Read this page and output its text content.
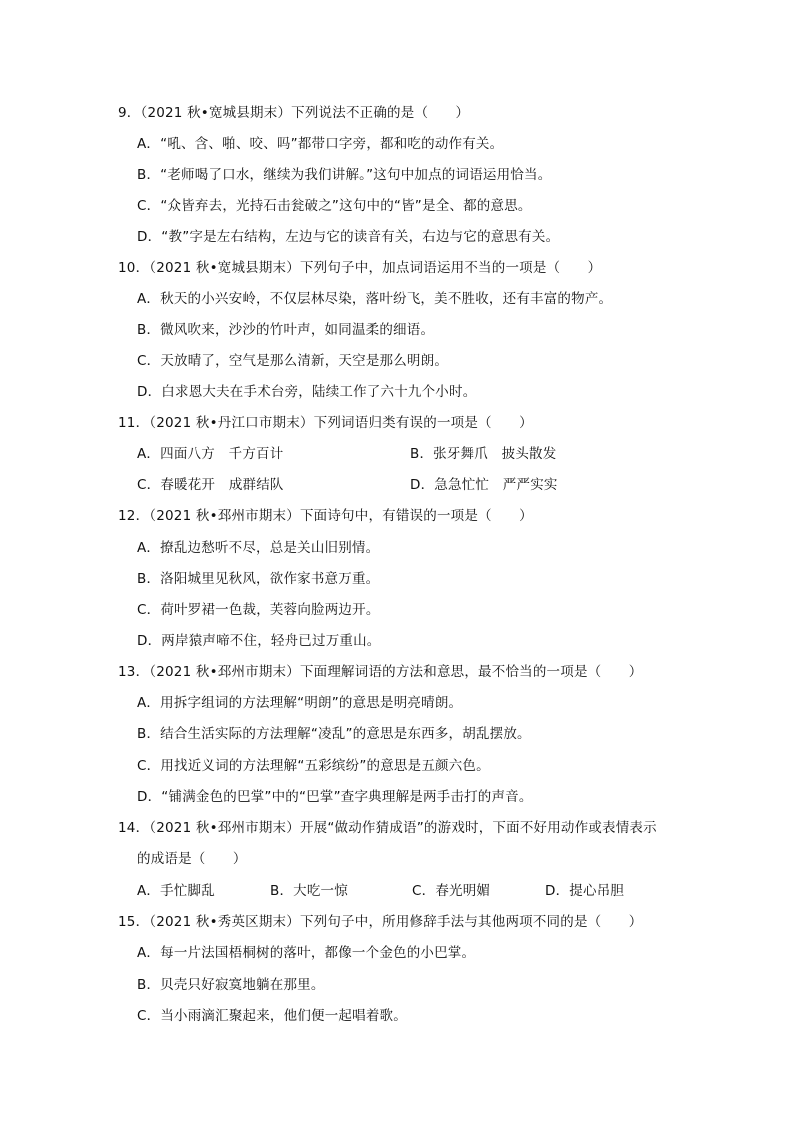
9．（2021 秋•宽城县期末）下列说法不正确的是（　　）
A．“吼、含、啪、咬、吗”都带口字旁，都和吃的动作有关。
B．“老师喝了口水，继续为我们讲解。”这句中加点的词语运用恰当。
C．“众皆弃去，光持石击瓮破之”这句中的“皆”是全、都的意思。
D．“教”字是左右结构，左边与它的读音有关，右边与它的意思有关。
10．（2021 秋•宽城县期末）下列句子中，加点词语运用不当的一项是（　　）
A．秋天的小兴安岭，不仅层林尽染，落叶纷飞，美不胜收，还有丰富的物产。
B．微风吹来，沙沙的竹叶声，如同温柔的细语。
C．天放晴了，空气是那么清新，天空是那么明朗。
D．白求恩大夫在手术台旁，陆续工作了六十九个小时。
11．（2021 秋•丹江口市期末）下列词语归类有误的一项是（　　）
A．四面八方　千方百计	B．张牙舞爪　披头散发
C．春暖花开　成群结队	D．急急忙忙　严严实实
12．（2021 秋•邳州市期末）下面诗句中，有错误的一项是（　　）
A．撩乱边愁听不尽，总是关山旧别情。
B．洛阳城里见秋风，欲作家书意万重。
C．荷叶罗裙一色裁，芙蓉向脸两边开。
D．两岸猿声啼不住，轻舟已过万重山。
13．（2021 秋•邳州市期末）下面理解词语的方法和意思，最不恰当的一项是（　　）
A．用拆字组词的方法理解“明朗”的意思是明亮晴朗。
B．结合生活实际的方法理解“凌乱”的意思是东西多，胡乱摆放。
C．用找近义词的方法理解“五彩缤纷”的意思是五颜六色。
D．“铺满金色的巴掌”中的“巴掌”查字典理解是两手击打的声音。
14．（2021 秋•邳州市期末）开展“做动作猜成语”的游戏时，下面不好用动作或表情表示
的成语是（　　）
A．手忙脚乱	B．大吃一惊	C．春光明媚	D．提心吊胆
15．（2021 秋•秀英区期末）下列句子中，所用修辞手法与其他两项不同的是（　　）
A．每一片法国梧桐树的落叶，都像一个金色的小巴掌。
B．贝壳只好寂寞地躺在那里。
C．当小雨滴汇聚起来，他们便一起唱着歌。
